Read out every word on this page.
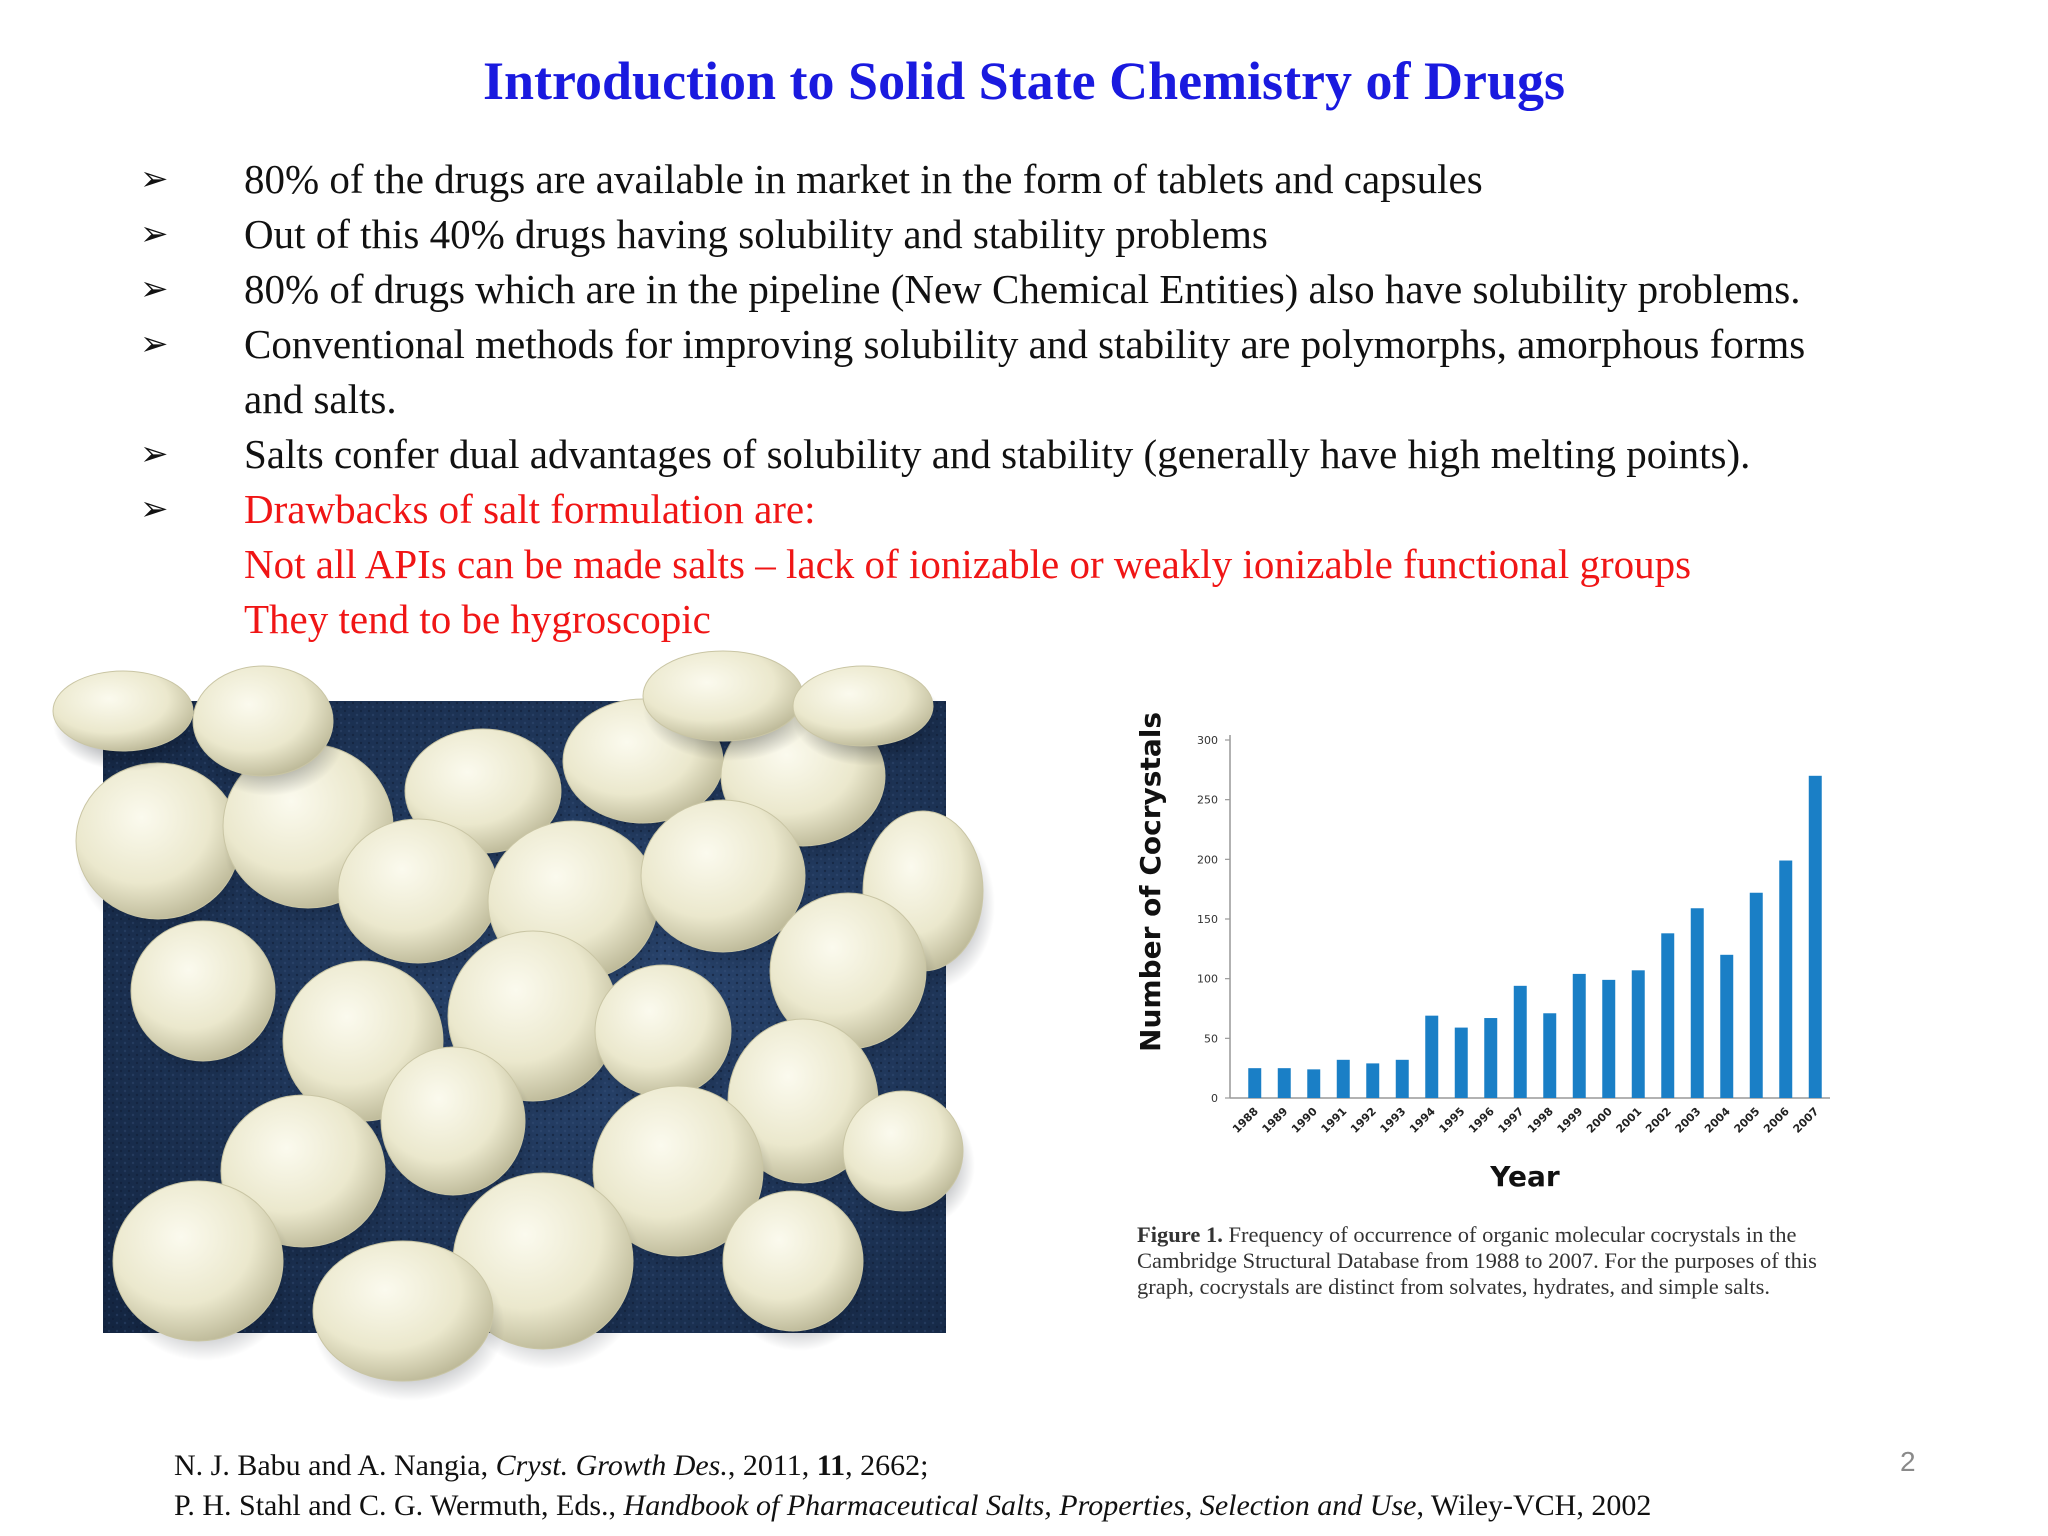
Introduction to Solid State Chemistry of Drugs
➢ 80% of the drugs are available in market in the form of tablets and capsules
➢ Out of this 40% drugs having solubility and stability problems
➢ 80% of drugs which are in the pipeline (New Chemical Entities) also have solubility problems.
➢ Conventional methods for improving solubility and stability are polymorphs, amorphous forms
and salts.
➢ Salts confer dual advantages of solubility and stability (generally have high melting points).
➢ Drawbacks of salt formulation are:
Not all APIs can be made salts – lack of ionizable or weakly ionizable functional groups
They tend to be hygroscopic
Number of Cocrystals
Year
0
50
100
150
200
250
300
1988
1989
1990
1991
1992
1993
1994
1995
1996
1997
1998
1999
2000
2001
2002
2003
2004
2005
2006
2007
Figure 1. Frequency of occurrence of organic molecular cocrystals in the Cambridge Structural Database from 1988 to 2007. For the purposes of this graph, cocrystals are distinct from solvates, hydrates, and simple salts.
N. J. Babu and A. Nangia, Cryst. Growth Des., 2011, 11, 2662;
P. H. Stahl and C. G. Wermuth, Eds., Handbook of Pharmaceutical Salts, Properties, Selection and Use, Wiley-VCH, 2002
2
